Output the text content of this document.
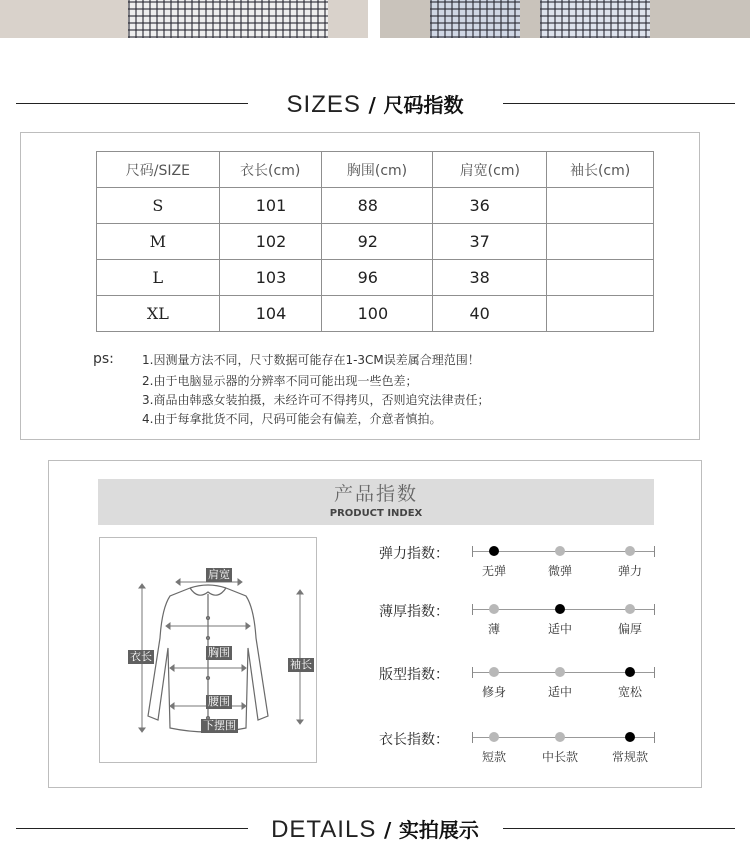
SIZES / 尺码指数
尺码/SIZE	衣长(cm)	胸围(cm)	肩宽(cm)	袖长(cm)
S	101	88	36	
M	102	92	37	
L	103	96	38	
XL	104	100	40	
ps: 1.因测量方法不同，尺寸数据可能存在1-3CM误差属合理范围！
2.由于电脑显示器的分辨率不同可能出现一些色差；
3.商品由韩惑女装拍摄，未经许可不得拷贝，否则追究法律责任；
4.由于每拿批货不同，尺码可能会有偏差，介意者慎拍。
产品指数
PRODUCT INDEX
肩宽
衣长	胸围
袖长
腰围
下摆围
弹力指数：
无弹	微弹	弹力
薄厚指数：
薄	适中	偏厚
版型指数：
修身	适中	宽松
衣长指数：
短款	中长款	常规款
DETAILS / 实拍展示
